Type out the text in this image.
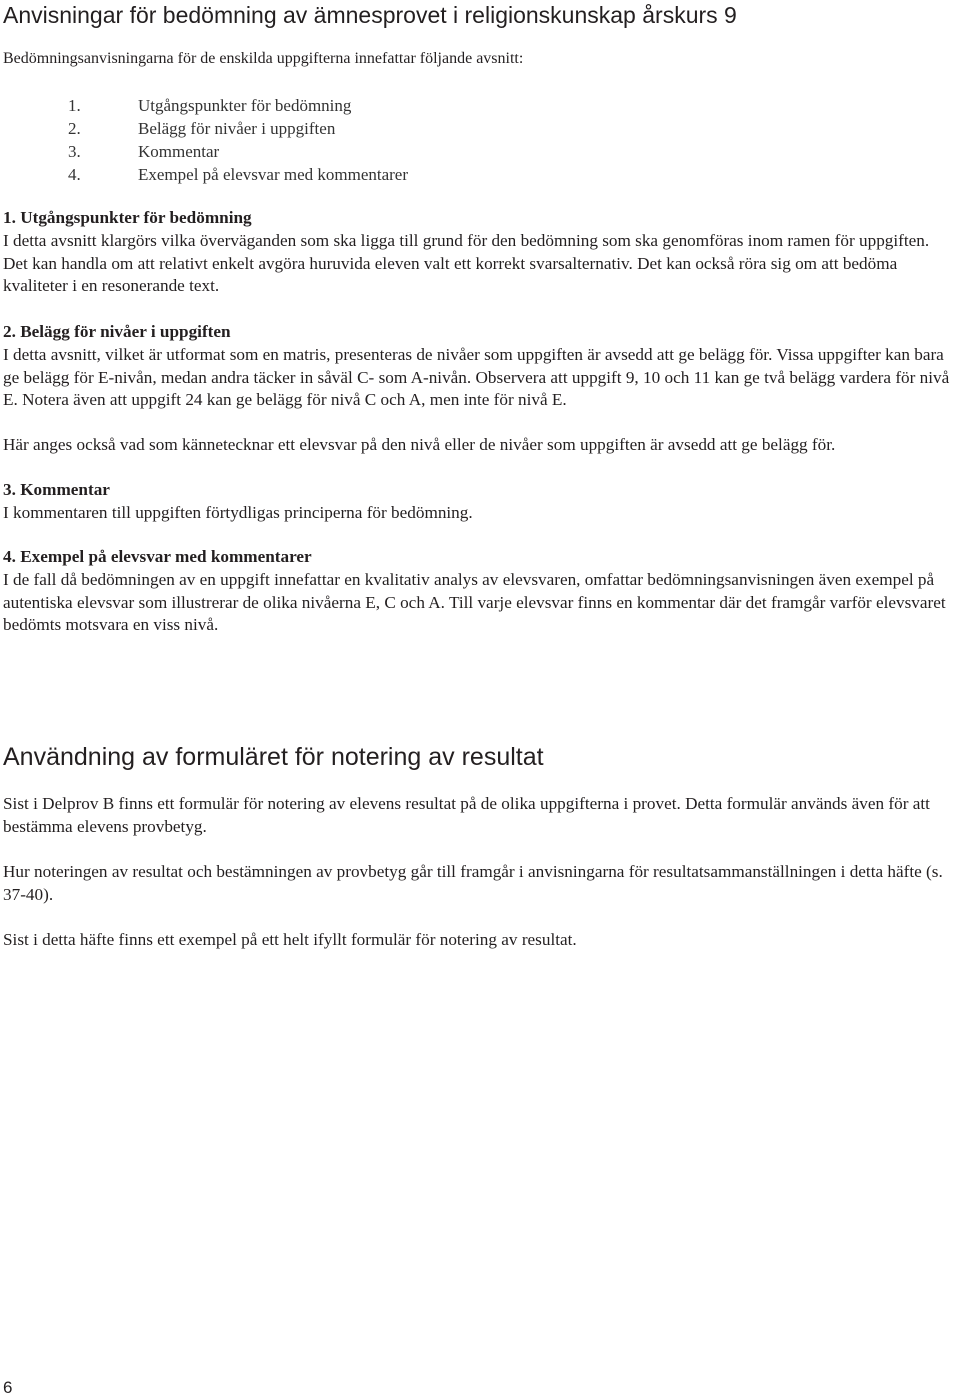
Anvisningar för bedömning av ämnesprovet i religionskunskap årskurs 9

Bedömningsanvisningarna för de enskilda uppgifterna innefattar följande avsnitt:

1.	Utgångspunkter för bedömning
2.	Belägg för nivåer i uppgiften
3.	Kommentar
4.	Exempel på elevsvar med kommentarer
1. Utgångspunkter för bedömning
I detta avsnitt klargörs vilka överväganden som ska ligga till grund för den bedömning som ska genomföras inom ramen för uppgiften. Det kan handla om att relativt enkelt avgöra huruvida eleven valt ett korrekt svarsalternativ. Det kan också röra sig om att bedöma kvaliteter i en resonerande text.
2. Belägg för nivåer i uppgiften
I detta avsnitt, vilket är utformat som en matris, presenteras de nivåer som uppgiften är avsedd att ge belägg för. Vissa uppgifter kan bara ge belägg för E-nivån, medan andra täcker in såväl C- som A-nivån. Observera att uppgift 9, 10 och 11 kan ge två belägg vardera för nivå E. Notera även att uppgift 24 kan ge belägg för nivå C och A, men inte för nivå E.
Här anges också vad som kännetecknar ett elevsvar på den nivå eller de nivåer som uppgiften är avsedd att ge belägg för.
3. Kommentar
I kommentaren till uppgiften förtydligas principerna för bedömning.
4. Exempel på elevsvar med kommentarer
I de fall då bedömningen av en uppgift innefattar en kvalitativ analys av elevsvaren, omfattar bedömningsanvisningen även exempel på autentiska elevsvar som illustrerar de olika nivåerna E, C och A. Till varje elevsvar finns en kommentar där det framgår varför elevsvaret bedömts motsvara en viss nivå.
Användning av formuläret för notering av resultat

Sist i Delprov B finns ett formulär för notering av elevens resultat på de olika uppgifterna i provet. Detta formulär används även för att bestämma elevens provbetyg.

Hur noteringen av resultat och bestämningen av provbetyg går till framgår i anvisningarna för resultatsammanställningen i detta häfte (s. 37-40).

Sist i detta häfte finns ett exempel på ett helt ifyllt formulär för notering av resultat.

6
